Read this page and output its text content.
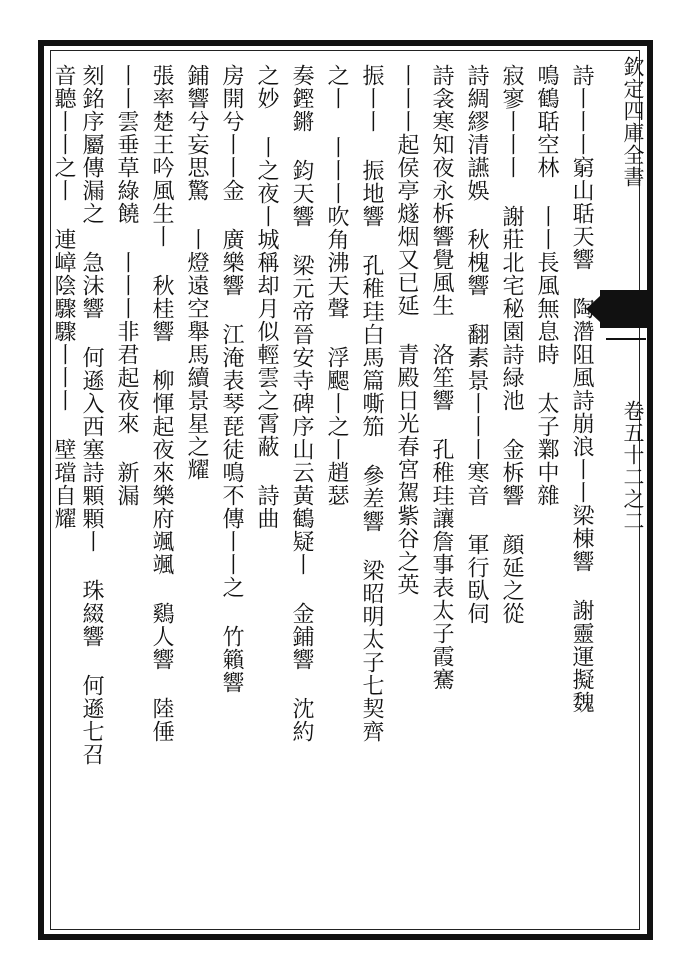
欽定四庫全書
卷五十二之二
詩丨丨丨窮山聒天響 陶濳阻風詩崩浪丨丨梁棟響 謝靈運擬魏
鳴鶴聒空林 丨丨長風無息時 太子鄴中雜
寂寥丨丨丨 謝莊北宅秘園詩緑池 金柝響 顔延之從
詩綢繆清讌娛 秋槐響 翻素景丨丨丨寒音 軍行臥伺
詩衾寒知夜永柝響覺風生 洛笙響 孔稚珪讓詹事表太子霞騫
丨丨丨起侯亭燧烟又已延 青殿日光春宮駕紫谷之英
振丨丨 振地響 孔稚珪白馬篇嘶笳 參差響 梁昭明太子七契齊
之丨 丨丨丨吹角沸天聲 浮颸丨之丨趙瑟
奏鏗鏘 鈞天響 梁元帝晉安寺碑序山云黃鶴疑丨 金鋪響 沈約
之妙 丨之夜丨城稱却月似輕雲之霄蔽 詩曲
房開兮丨丨金 廣樂響 江淹表琴琵徒鳴不傳丨丨之 竹籟響
鋪響兮妄思驚 丨燈遠空舉馬續景星之耀
張率楚王吟風生丨 秋桂響 柳惲起夜來樂府颯颯 鷄人響 陸倕
丨丨雲垂草綠饒 丨丨丨非君起夜來 新漏
刻銘序屬傳漏之 急沫響 何遜入西塞詩顆顆丨 珠綴響 何遜七召
音聽丨丨之丨 連嶂陰驟驟丨丨丨 壁璫自耀
